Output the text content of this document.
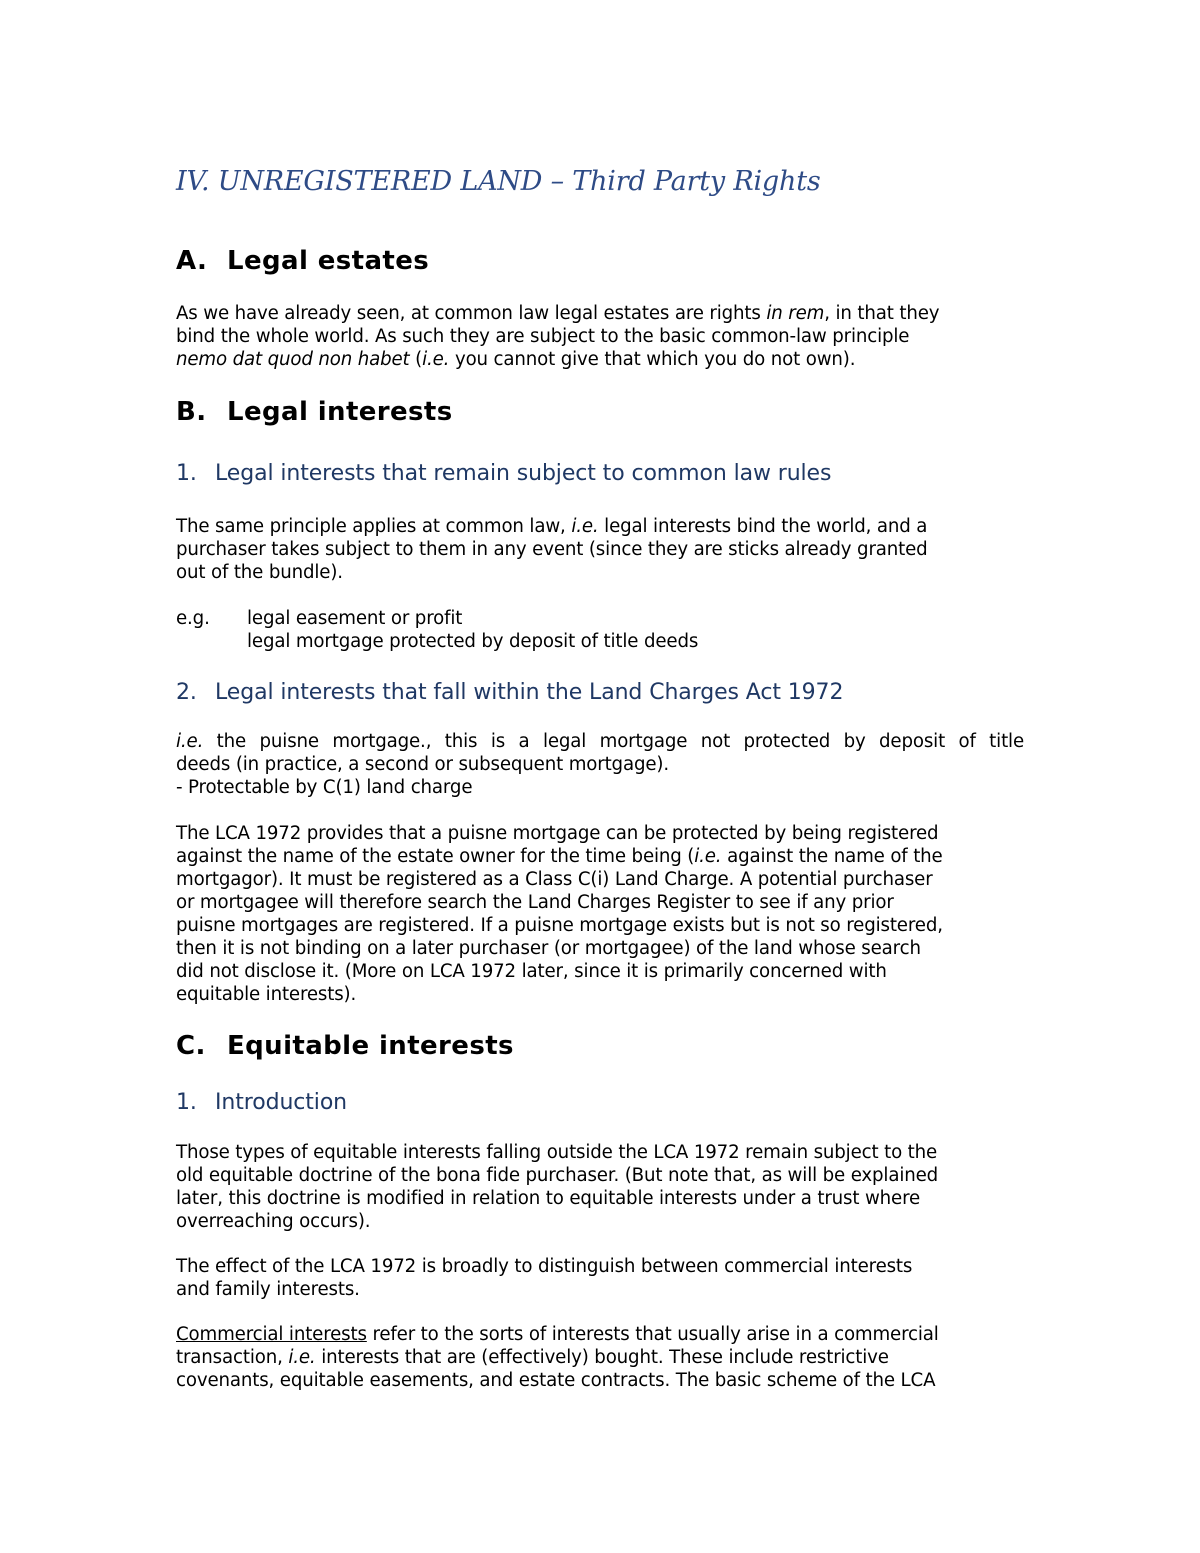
IV. UNREGISTERED LAND – Third Party Rights
A. Legal estates
As we have already seen, at common law legal estates are rights in rem, in that they
bind the whole world. As such they are subject to the basic common-law principle
nemo dat quod non habet (i.e. you cannot give that which you do not own).
B. Legal interests
1. Legal interests that remain subject to common law rules
The same principle applies at common law, i.e. legal interests bind the world, and a
purchaser takes subject to them in any event (since they are sticks already granted
out of the bundle).
e.g. legal easement or profit
legal mortgage protected by deposit of title deeds
2. Legal interests that fall within the Land Charges Act 1972
i.e. the puisne mortgage., this is a legal mortgage not protected by deposit of title
deeds (in practice, a second or subsequent mortgage).
- Protectable by C(1) land charge
The LCA 1972 provides that a puisne mortgage can be protected by being registered
against the name of the estate owner for the time being (i.e. against the name of the
mortgagor). It must be registered as a Class C(i) Land Charge. A potential purchaser
or mortgagee will therefore search the Land Charges Register to see if any prior
puisne mortgages are registered. If a puisne mortgage exists but is not so registered,
then it is not binding on a later purchaser (or mortgagee) of the land whose search
did not disclose it. (More on LCA 1972 later, since it is primarily concerned with
equitable interests).
C. Equitable interests
1. Introduction
Those types of equitable interests falling outside the LCA 1972 remain subject to the
old equitable doctrine of the bona fide purchaser. (But note that, as will be explained
later, this doctrine is modified in relation to equitable interests under a trust where
overreaching occurs).
The effect of the LCA 1972 is broadly to distinguish between commercial interests
and family interests.
Commercial interests refer to the sorts of interests that usually arise in a commercial
transaction, i.e. interests that are (effectively) bought. These include restrictive
covenants, equitable easements, and estate contracts. The basic scheme of the LCA
